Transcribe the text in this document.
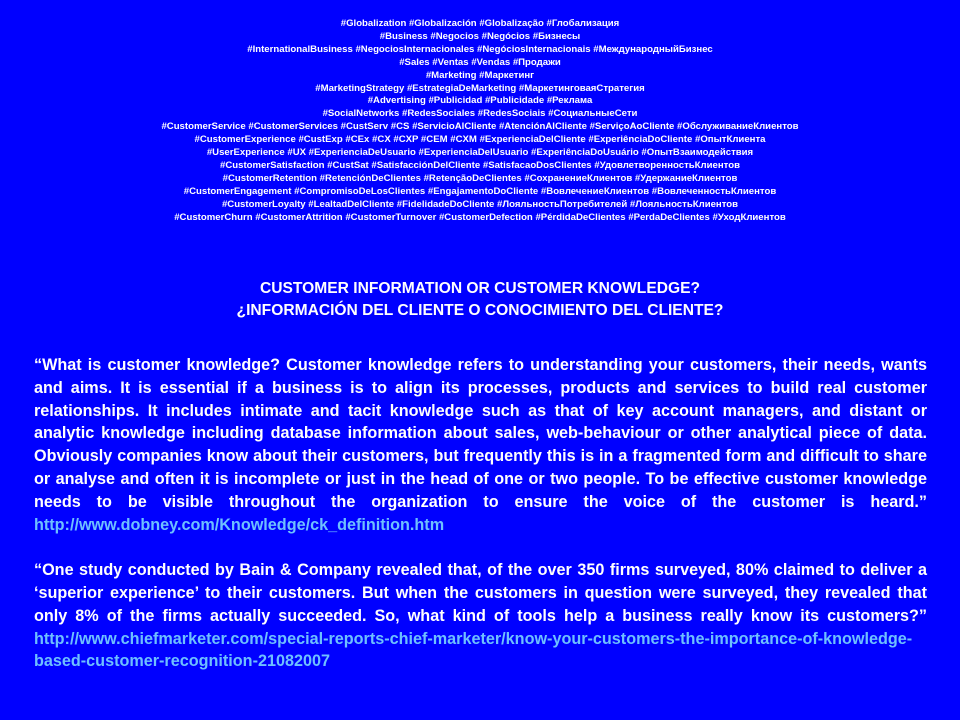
#Globalization #Globalización #Globalização #Глобализация
#Business #Negocios #Negócios #Бизнесы
#InternationalBusiness #NegociosInternacionales #NegóciosInternacionais #МеждународныйБизнес
#Sales #Ventas #Vendas #Продажи
#Marketing #Маркетинг
#MarketingStrategy #EstrategiaDeMarketing #МаркетинговаяСтратегия
#Advertising #Publicidad #Publicidade #Реклама
#SocialNetworks #RedesSociales #RedesSociais #СоциальныеСети
#CustomerService #CustomerServices #CustServ #CS #ServicioAlCliente #AtenciónAlCliente #ServiçoAoCliente #ОбслуживаниеКлиентов
#CustomerExperience #CustExp #CEx #CX #CXP #CEM #CXM #ExperienciaDelCliente #ExperiênciaDoCliente #ОпытКлиента
#UserExperience #UX #ExperienciaDeUsuario #ExperienciaDelUsuario #ExperiênciaDoUsuário #ОпытВзаимодействия
#CustomerSatisfaction #CustSat #SatisfacciónDelCliente #SatisfacaoDosClientes #УдовлетворенностьКлиентов
#CustomerRetention #RetenciónDeClientes #RetençãoDeClientes #СохранениеКлиентов #УдержаниеКлиентов
#CustomerEngagement #CompromisoDeLosClientes #EngajamentoDoCliente #ВовлечениеКлиентов #ВовлеченностьКлиентов
#CustomerLoyalty #LealtadDelCliente #FidelidadeDoCliente #ЛояльностьПотребителей #ЛояльностьКлиентов
#CustomerChurn #CustomerAttrition #CustomerTurnover #CustomerDefection #PérdidaDeClientes #PerdaDeClientes #УходКлиентов
CUSTOMER INFORMATION OR CUSTOMER KNOWLEDGE?
¿INFORMACIÓN DEL CLIENTE O CONOCIMIENTO DEL CLIENTE?

“What is customer knowledge? Customer knowledge refers to understanding your customers, their needs, wants and aims. It is essential if a business is to align its processes, products and services to build real customer relationships. It includes intimate and tacit knowledge such as that of key account managers, and distant or analytic knowledge including database information about sales, web-behaviour or other analytical piece of data. Obviously companies know about their customers, but frequently this is in a fragmented form and difficult to share or analyse and often it is incomplete or just in the head of one or two people. To be effective customer knowledge needs to be visible throughout the organization to ensure the voice of the customer is heard.” http://www.dobney.com/Knowledge/ck_definition.htm

“One study conducted by Bain & Company revealed that, of the over 350 firms surveyed, 80% claimed to deliver a ‘superior experience’ to their customers. But when the customers in question were surveyed, they revealed that only 8% of the firms actually succeeded. So, what kind of tools help a business really know its customers?” http://www.chiefmarketer.com/special-reports-chief-marketer/know-your-customers-the-importance-of-knowledge-based-customer-recognition-21082007
